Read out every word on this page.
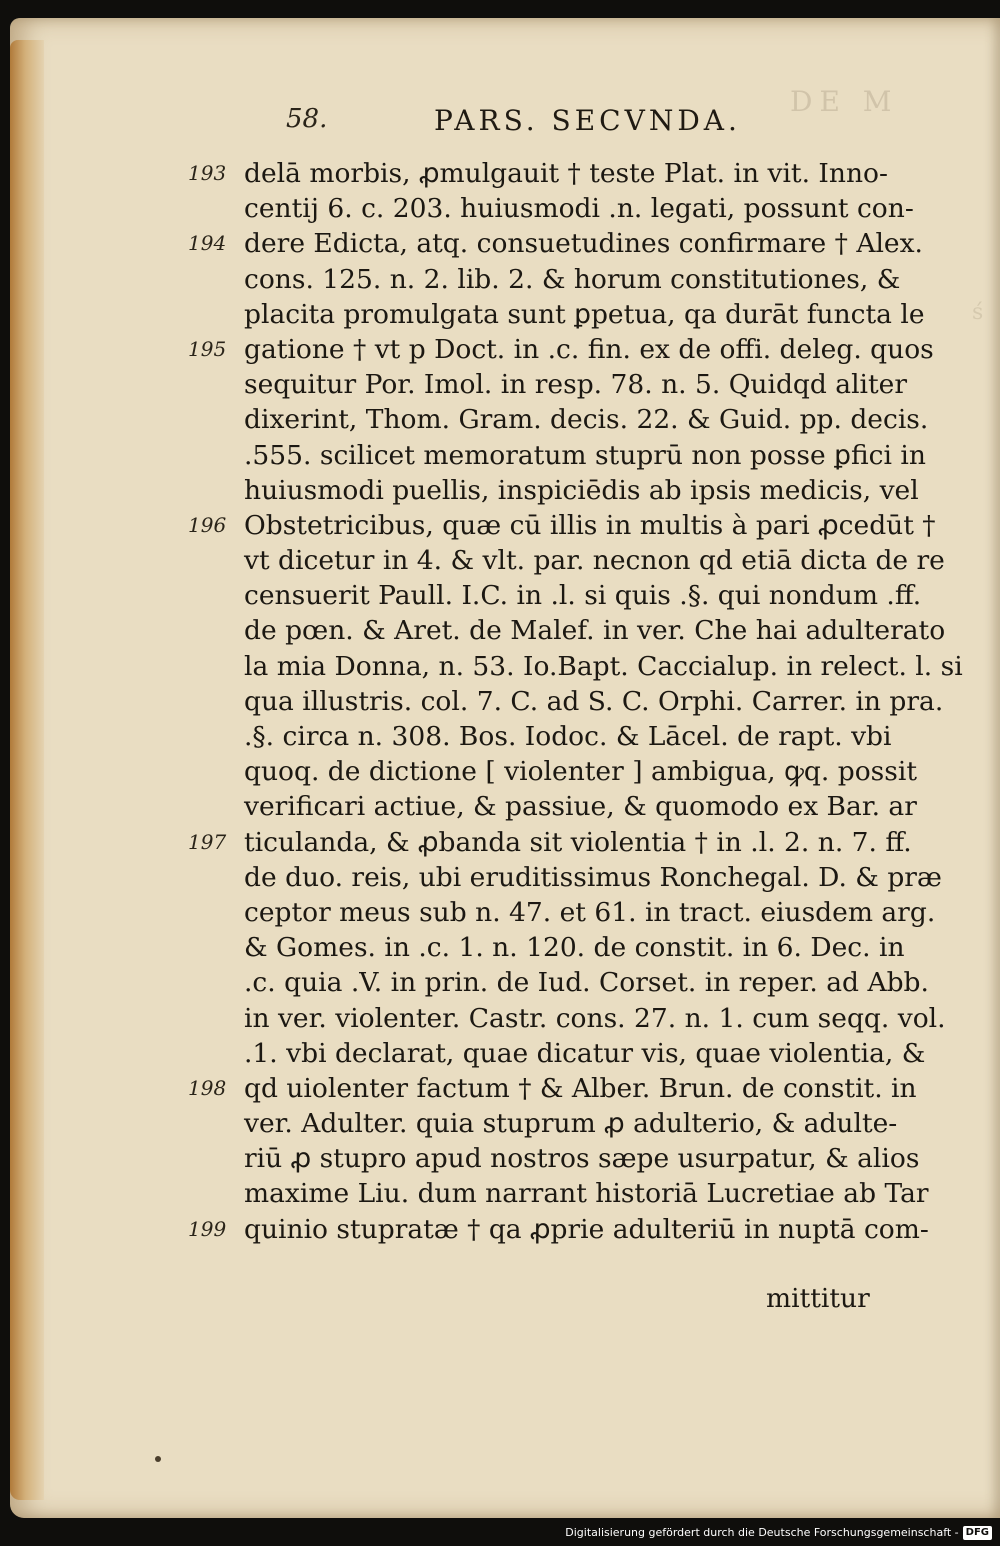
DE M
ś
58.	PARS. SECVNDA.
193 delā morbis, ꝓmulgauit † teste Plat. in vit. Inno-
centij 6. c. 203. huiusmodi .n. legati, possunt con-
194 dere Edicta, atq. consuetudines confirmare † Alex.
cons. 125. n. 2. lib. 2. & horum constitutiones, &
placita promulgata sunt ꝑpetua, qa durāt functa le
195 gatione † vt p Doct. in .c. fin. ex de offi. deleg. quos
sequitur Por. Imol. in resp. 78. n. 5. Quidqd aliter
dixerint, Thom. Gram. decis. 22. & Guid. pp. decis.
.555. scilicet memoratum stuprū non posse ꝑfici in
huiusmodi puellis, inspiciēdis ab ipsis medicis, vel
196 Obstetricibus, quæ cū illis in multis à pari ꝓcedūt †
vt dicetur in 4. & vlt. par. necnon qd etiā dicta de re
censuerit Paull. I.C. in .l. si quis .§. qui nondum .ff.
de pœn. & Aret. de Malef. in ver. Che hai adulterato
la mia Donna, n. 53. Io.Bapt. Caccialup. in relect. l. si
qua illustris. col. 7. C. ad S. C. Orphi. Carrer. in pra.
.§. circa n. 308. Bos. Iodoc. & Lācel. de rapt. vbi
quoq. de dictione [ violenter ] ambigua, ꝙq. possit
verificari actiue, & passiue, & quomodo ex Bar. ar
197 ticulanda, & ꝓbanda sit violentia † in .l. 2. n. 7. ff.
de duo. reis, ubi eruditissimus Ronchegal. D. & præ
ceptor meus sub n. 47. et 61. in tract. eiusdem arg.
& Gomes. in .c. 1. n. 120. de constit. in 6. Dec. in
.c. quia .V. in prin. de Iud. Corset. in reper. ad Abb.
in ver. violenter. Castr. cons. 27. n. 1. cum seqq. vol.
.1. vbi declarat, quae dicatur vis, quae violentia, &
198 qd uiolenter factum † & Alber. Brun. de constit. in
ver. Adulter. quia stuprum ꝓ adulterio, & adulte-
riū ꝓ stupro apud nostros sæpe usurpatur, & alios
maxime Liu. dum narrant historiā Lucretiae ab Tar
199 quinio stupratæ † qa ꝓprie adulteriū in nuptā com-
mittitur
Digitalisierung gefördert durch die Deutsche Forschungsgemeinschaft - DFG
